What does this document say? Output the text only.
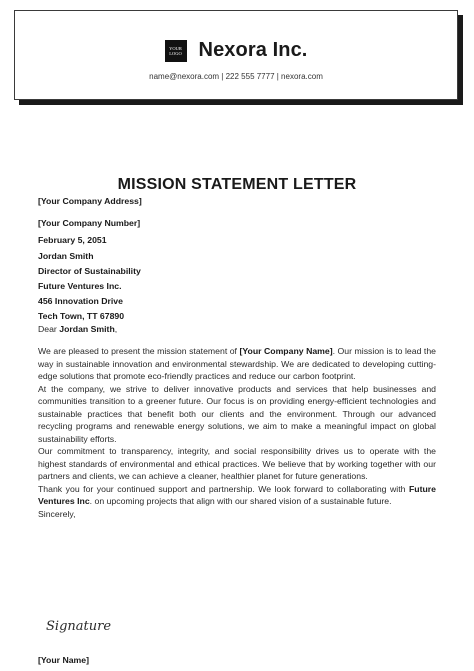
YOUR
LOGO Nexora Inc.
name@nexora.com | 222 555 7777 | nexora.com
MISSION STATEMENT LETTER
[Your Company Address]
[Your Company Number]
February 5, 2051
Jordan Smith
Director of Sustainability
Future Ventures Inc.
456 Innovation Drive
Tech Town, TT 67890
Dear Jordan Smith,

We are pleased to present the mission statement of [Your Company Name]. Our mission is to lead the way in sustainable innovation and environmental stewardship. We are dedicated to developing cutting-edge solutions that promote eco-friendly practices and reduce our carbon footprint.

At the company, we strive to deliver innovative products and services that help businesses and communities transition to a greener future. Our focus is on providing energy-efficient technologies and sustainable practices that benefit both our clients and the environment. Through our advanced recycling programs and renewable energy solutions, we aim to make a meaningful impact on global sustainability efforts.

Our commitment to transparency, integrity, and social responsibility drives us to operate with the highest standards of environmental and ethical practices. We believe that by working together with our partners and clients, we can achieve a cleaner, healthier planet for future generations.

Thank you for your continued support and partnership. We look forward to collaborating with Future Ventures Inc. on upcoming projects that align with our shared vision of a sustainable future.

Sincerely,

Signature
[Your Name]
